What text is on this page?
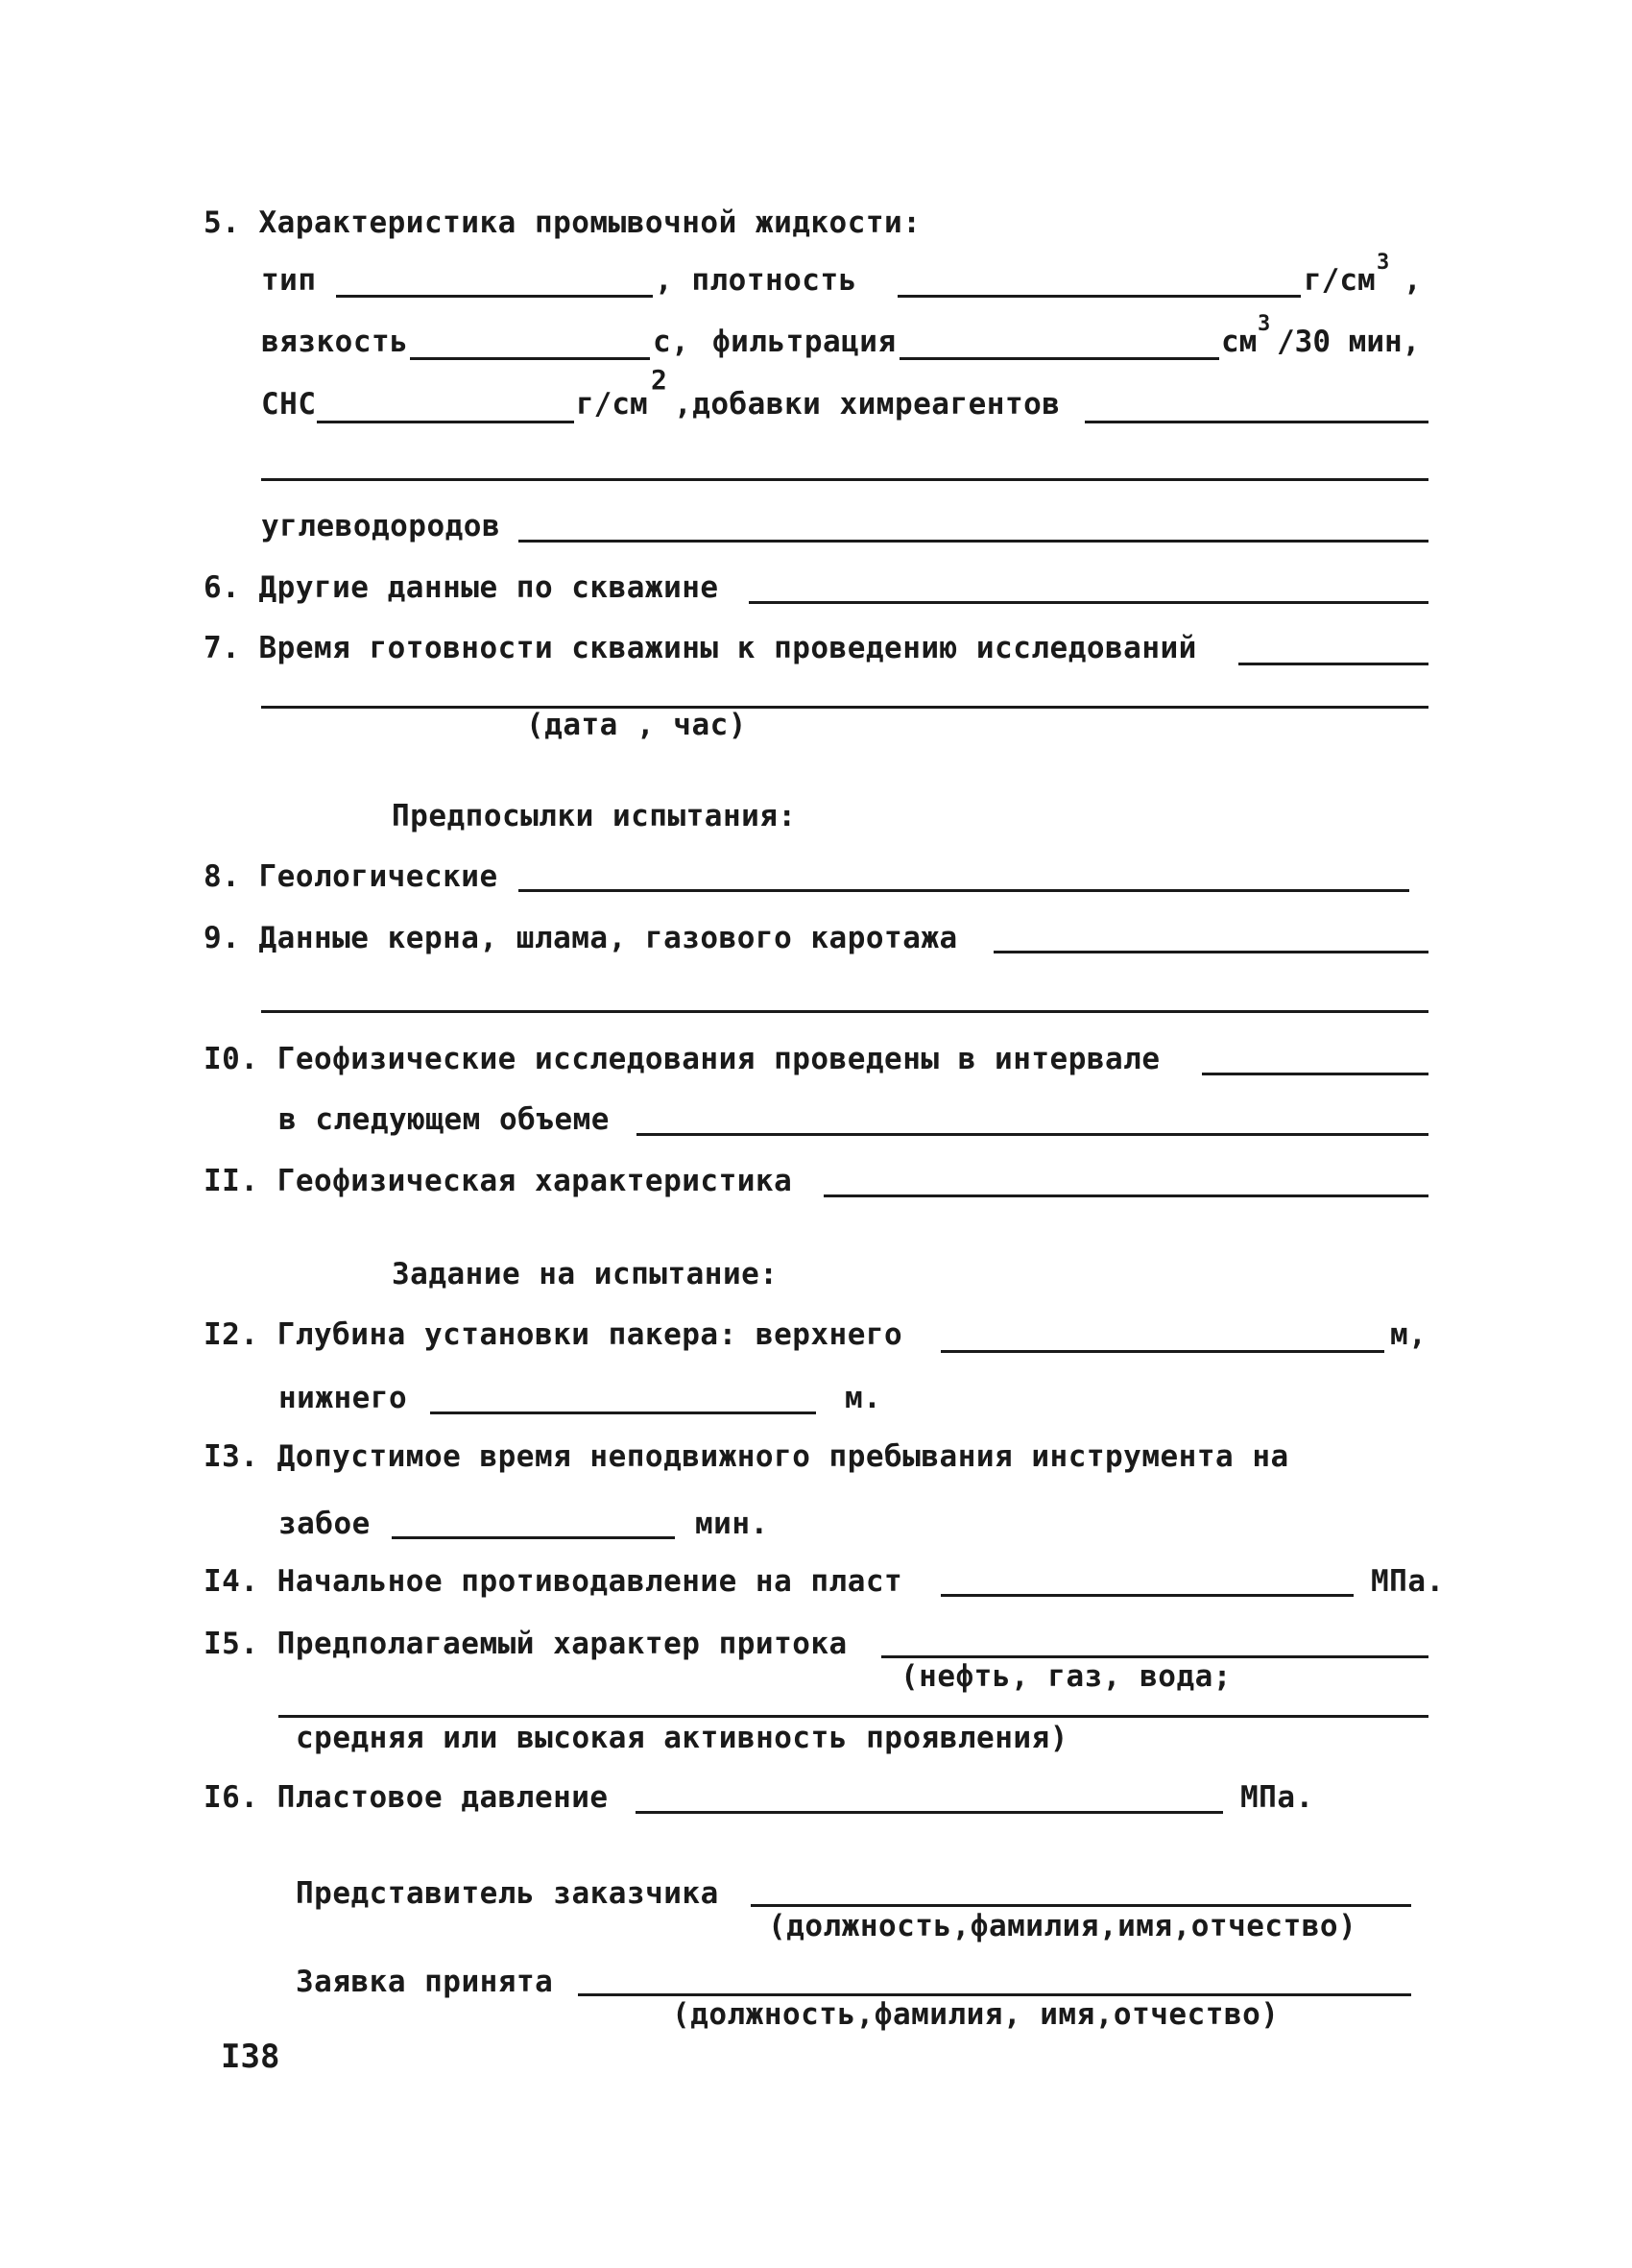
5. Характеристика промывочной жидкости:
тип	, плотность	г/см
3
,
вязкость	с, фильтрация	см
3
/30 мин,
СНС	г/см
2
,добавки химреагентов
углеводородов
6. Другие данные по скважине
7. Время готовности скважины к проведению исследований
(дата , час)
Предпосылки испытания:
8. Геологические
9. Данные керна, шлама, газового каротажа
I0. Геофизические исследования проведены в интервале
в следующем объеме
II. Геофизическая характеристика
Задание на испытание:
I2. Глубина установки пакера: верхнего	м,
нижнего	м.
I3. Допустимое время неподвижного пребывания инструмента на
забое	мин.
I4. Начальное противодавление на пласт	МПа.
I5. Предполагаемый характер притока
(нефть, газ, вода;
средняя или высокая активность проявления)
I6. Пластовое давление	МПа.
Представитель заказчика
(должность,фамилия,имя,отчество)
Заявка принята
(должность,фамилия, имя,отчество)
I38
